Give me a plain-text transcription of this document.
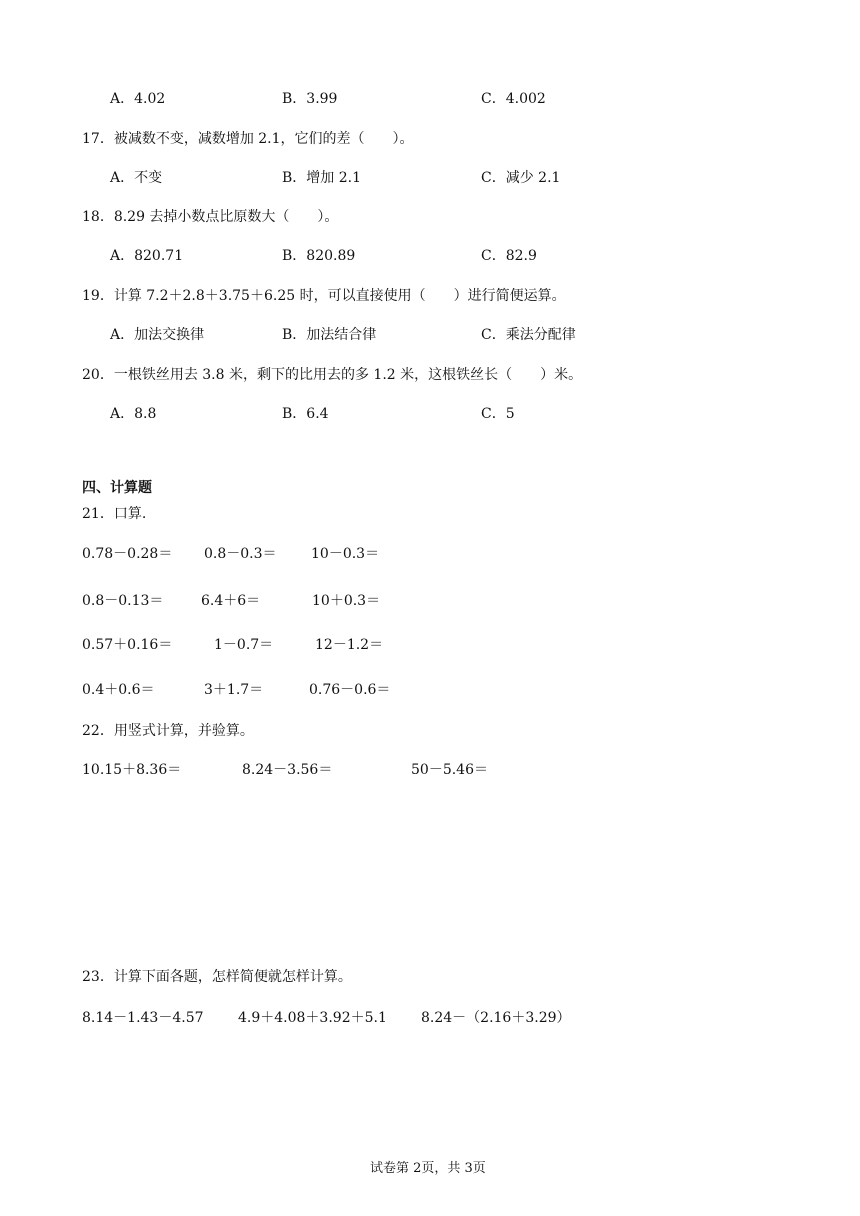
A．4.02	B．3.99	C．4.002
17．被减数不变，减数增加 2.1，它们的差（　　）。
A．不变	B．增加 2.1	C．减少 2.1
18．8.29 去掉小数点比原数大（　　）。
A．820.71	B．820.89	C．82.9
19．计算 7.2＋2.8＋3.75＋6.25 时，可以直接使用（　　）进行简便运算。
A．加法交换律	B．加法结合律	C．乘法分配律
20．一根铁丝用去 3.8 米，剩下的比用去的多 1.2 米，这根铁丝长（　　）米。
A．8.8	B．6.4	C．5
四、计算题
21．口算.
0.78－0.28＝ 0.8－0.3＝ 10－0.3＝
0.8－0.13＝	6.4＋6＝	10＋0.3＝
0.57＋0.16＝	1－0.7＝	12－1.2＝
0.4＋0.6＝	3＋1.7＝	0.76－0.6＝
22．用竖式计算，并验算。
10.15＋8.36＝	8.24－3.56＝	50－5.46＝
23．计算下面各题，怎样简便就怎样计算。
8.14－1.43－4.57 4.9＋4.08＋3.92＋5.1 8.24－（2.16＋3.29）
试卷第 2页，共 3页
